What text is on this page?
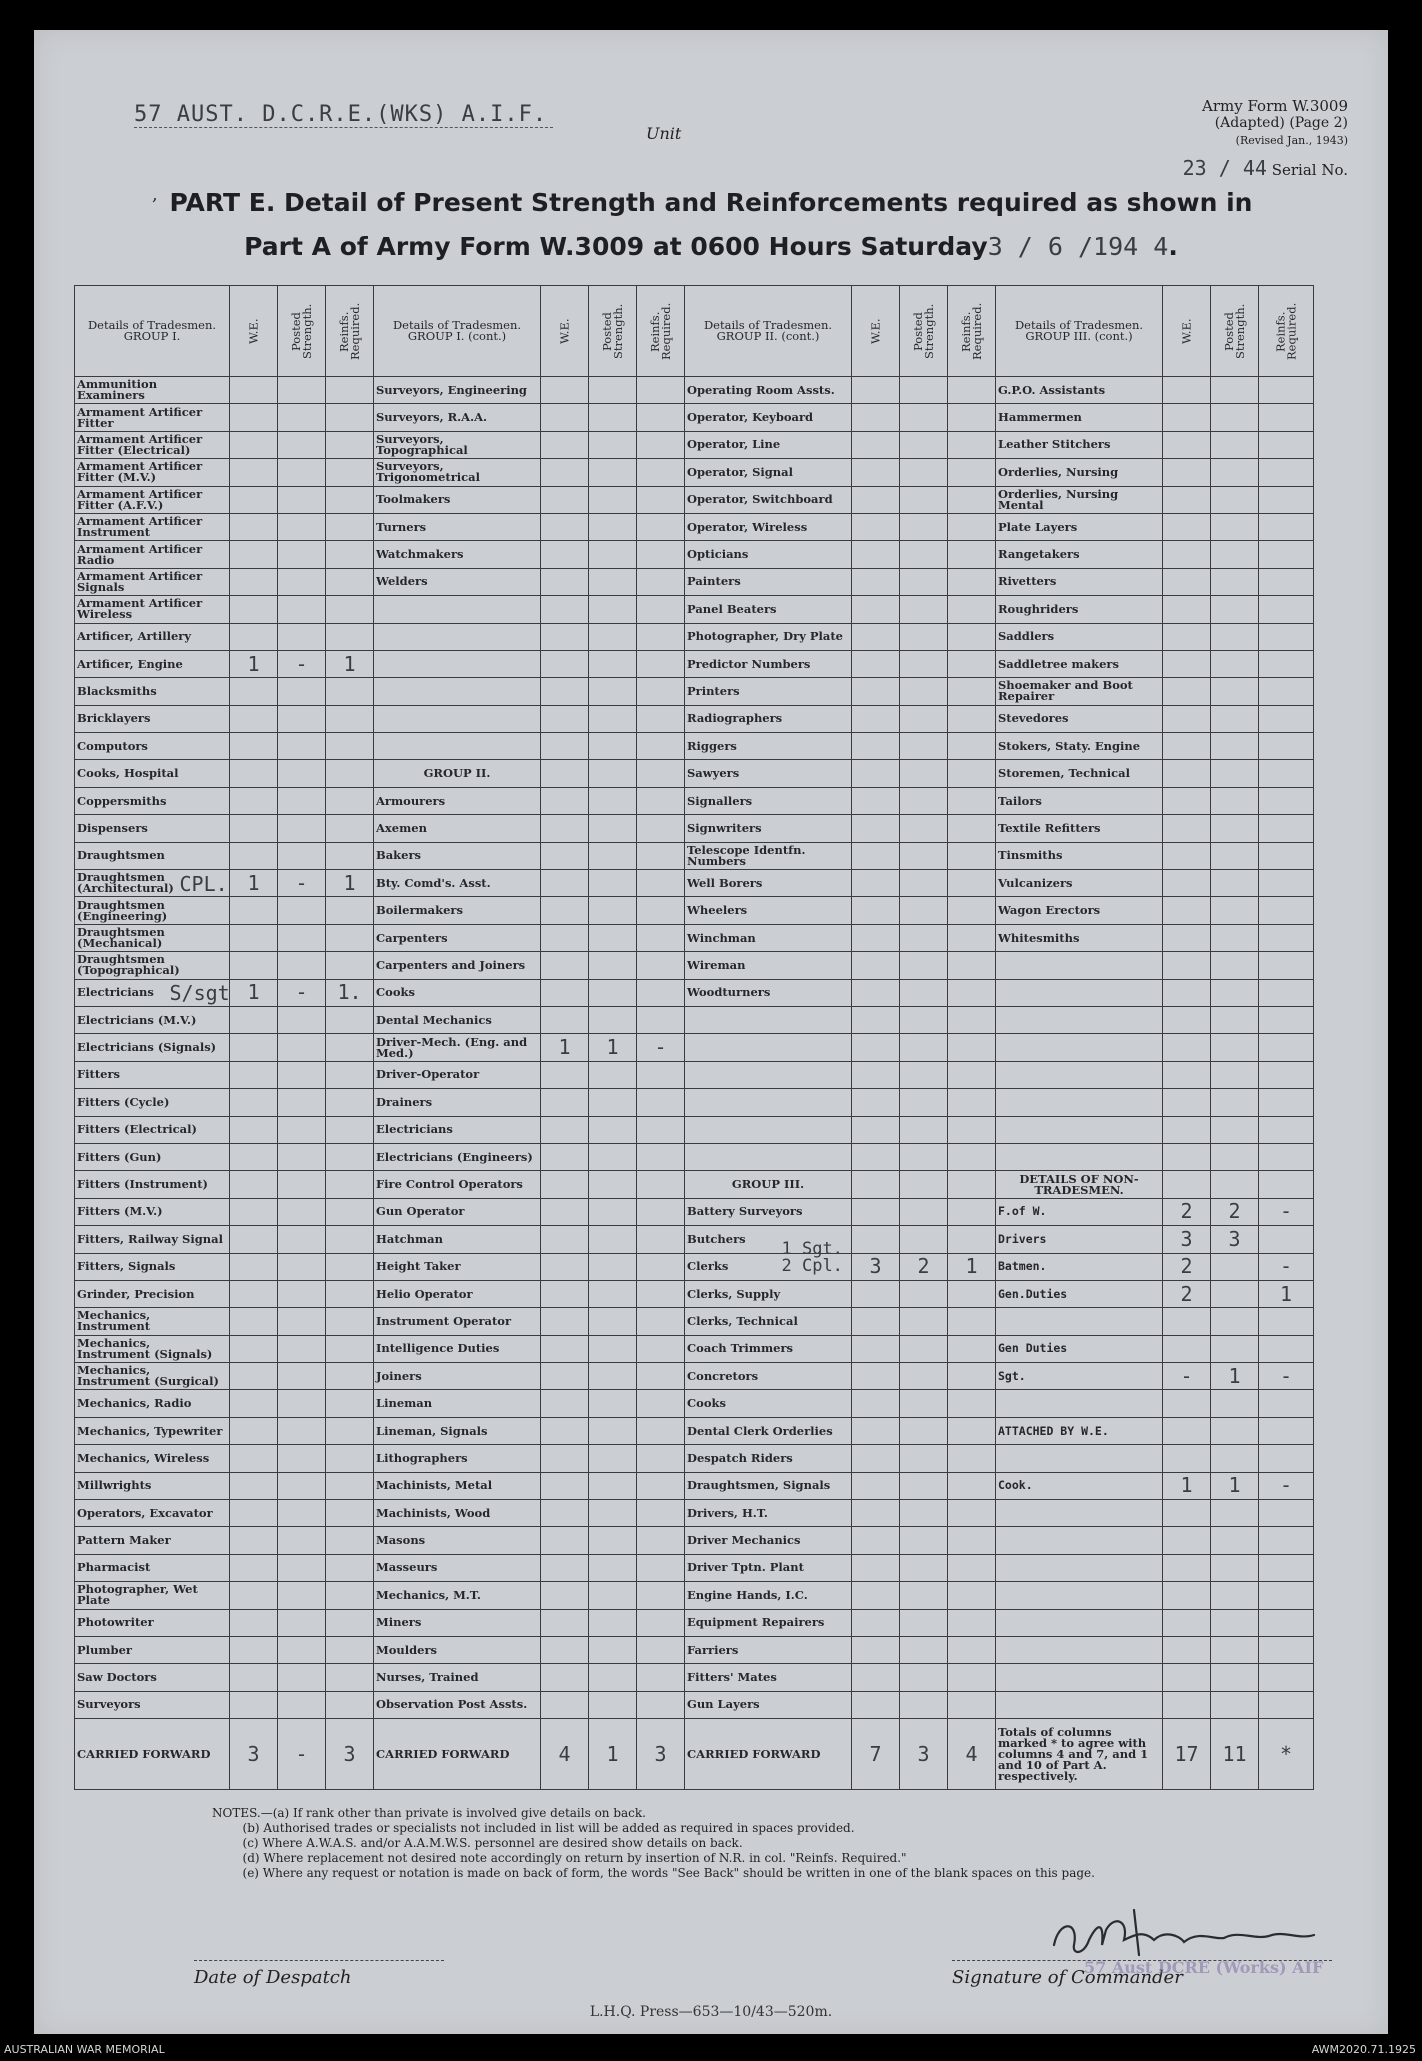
57 AUST. D.C.R.E.(WKS) A.I.F.
Unit
Army Form W.3009
(Adapted) (Page 2)
(Revised Jan., 1943)
23 / 44 Serial No.
, PART E. Detail of Present Strength and Reinforcements required as shown in
Part A of Army Form W.3009 at 0600 Hours Saturday3 / 6 /194 4.
Details of Tradesmen. GROUP I.	W.E.	Posted Strength.	Reinfs. Required.	Details of Tradesmen. GROUP I. (cont.)	W.E.	Posted Strength.	Reinfs. Required.	Details of Tradesmen. GROUP II. (cont.)	W.E.	Posted Strength.	Reinfs. Required.	Details of Tradesmen. GROUP III. (cont.)	W.E.	Posted Strength.	Reinfs. Required.
Ammunition Examiners				Surveyors, Engineering				Operating Room Assts.				G.P.O. Assistants			
Armament Artificer Fitter				Surveyors, R.A.A.				Operator, Keyboard				Hammermen			
Armament Artificer Fitter (Electrical)				Surveyors, Topographical				Operator, Line				Leather Stitchers			
Armament Artificer Fitter (M.V.)				Surveyors, Trigonometrical				Operator, Signal				Orderlies, Nursing			
Armament Artificer Fitter (A.F.V.)				Toolmakers				Operator, Switchboard				Orderlies, Nursing Mental			
Armament Artificer Instrument				Turners				Operator, Wireless				Plate Layers			
Armament Artificer Radio				Watchmakers				Opticians				Rangetakers			
Armament Artificer Signals				Welders				Painters				Rivetters			
Armament Artificer Wireless								Panel Beaters				Roughriders			
Artificer, Artillery								Photographer, Dry Plate				Saddlers			
Artificer, Engine	1	-	1					Predictor Numbers				Saddletree makers			
Blacksmiths								Printers				Shoemaker and Boot Repairer			
Bricklayers								Radiographers				Stevedores			
Computors								Riggers				Stokers, Staty. Engine			
Cooks, Hospital				GROUP II.				Sawyers				Storemen, Technical			
Coppersmiths				Armourers				Signallers				Tailors			
Dispensers				Axemen				Signwriters				Textile Refitters			
Draughtsmen				Bakers				Telescope Identfn. Numbers				Tinsmiths			
Draughtsmen (Architectural)	1	-	1	Bty. Comd's. Asst.				Well Borers				Vulcanizers			
Draughtsmen (Engineering)				Boilermakers				Wheelers				Wagon Erectors			
Draughtsmen (Mechanical)				Carpenters				Winchman				Whitesmiths			
Draughtsmen (Topographical)				Carpenters and Joiners				Wireman							
Electricians	1	-	1.	Cooks				Woodturners							
Electricians (M.V.)				Dental Mechanics											
Electricians (Signals)				Driver-Mech. (Eng. and Med.)	1	1	-								
Fitters				Driver-Operator											
Fitters (Cycle)				Drainers											
Fitters (Electrical)				Electricians											
Fitters (Gun)				Electricians (Engineers)											
Fitters (Instrument)				Fire Control Operators				GROUP III.				DETAILS OF NON-TRADESMEN.			
Fitters (M.V.)				Gun Operator				Battery Surveyors				F.of W.	2	2	-
Fitters, Railway Signal				Hatchman				Butchers				Drivers	3	3	
Fitters, Signals				Height Taker				Clerks	3	2	1	Batmen.	2		-
Grinder, Precision				Helio Operator				Clerks, Supply				Gen.Duties	2		1
Mechanics, Instrument				Instrument Operator				Clerks, Technical							
Mechanics, Instrument (Signals)				Intelligence Duties				Coach Trimmers				Gen Duties			
Mechanics, Instrument (Surgical)				Joiners				Concretors				Sgt.	-	1	-
Mechanics, Radio				Lineman				Cooks							
Mechanics, Typewriter				Lineman, Signals				Dental Clerk Orderlies				ATTACHED BY W.E.			
Mechanics, Wireless				Lithographers				Despatch Riders							
Millwrights				Machinists, Metal				Draughtsmen, Signals				Cook.	1	1	-
Operators, Excavator				Machinists, Wood				Drivers, H.T.							
Pattern Maker				Masons				Driver Mechanics							
Pharmacist				Masseurs				Driver Tptn. Plant							
Photographer, Wet Plate				Mechanics, M.T.				Engine Hands, I.C.							
Photowriter				Miners				Equipment Repairers							
Plumber				Moulders				Farriers							
Saw Doctors				Nurses, Trained				Fitters' Mates							
Surveyors				Observation Post Assts.				Gun Layers							
CARRIED FORWARD	3	-	3	CARRIED FORWARD	4	1	3	CARRIED FORWARD	7	3	4	Totals of columns marked * to agree with columns 4 and 7, and 1 and 10 of Part A. respectively.	17	11	*
NOTES.—(a) If rank other than private is involved give details on back.
(b) Authorised trades or specialists not included in list will be added as required in spaces provided.
(c) Where A.W.A.S. and/or A.A.M.W.S. personnel are desired show details on back.
(d) Where replacement not desired note accordingly on return by insertion of N.R. in col. "Reinfs. Required."
(e) Where any request or notation is made on back of form, the words "See Back" should be written in one of the blank spaces on this page.
Date of Despatch	Signature of Commander
57 Aust DCRE (Works) AIF
L.H.Q. Press—653—10/43—520m.
CPL.
S/sgt
1 Sgt.
2 Cpl.
AUSTRALIAN WAR MEMORIAL	AWM2020.71.1925
